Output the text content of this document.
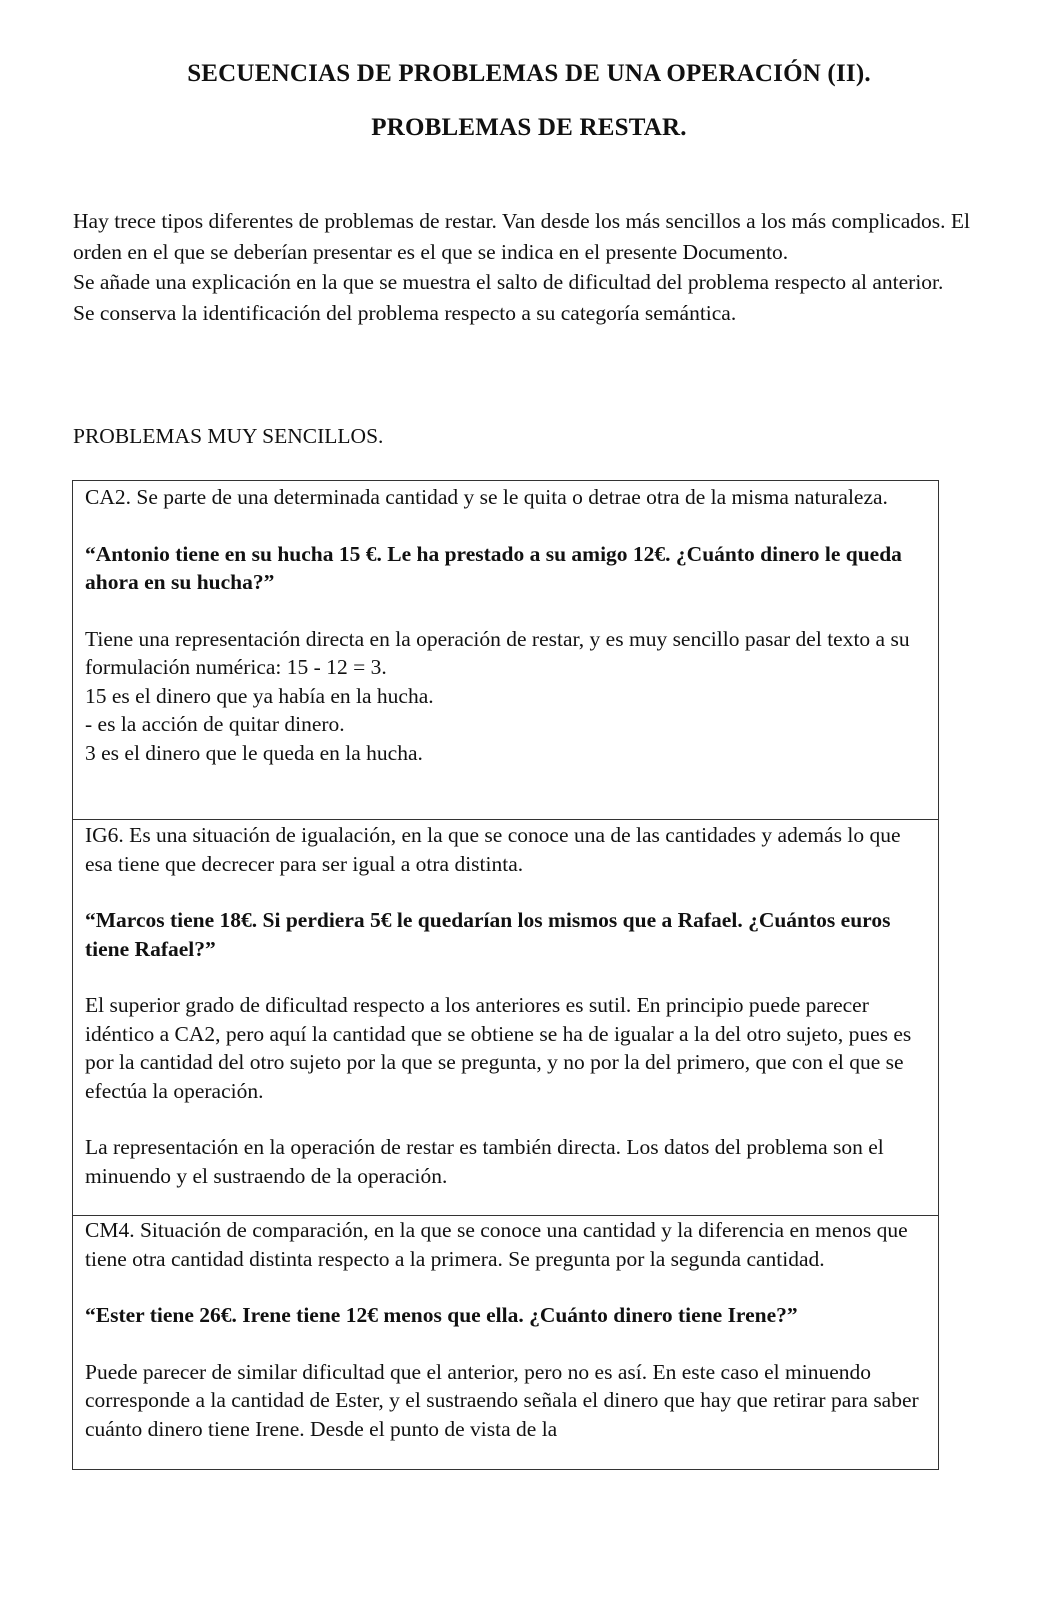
SECUENCIAS DE PROBLEMAS DE UNA OPERACIÓN (II).
PROBLEMAS DE RESTAR.

Hay trece tipos diferentes de problemas de restar. Van desde los más sencillos a los más complicados. El orden en el que se deberían presentar es el que se indica en el presente Documento.

Se añade una explicación en la que se muestra el salto de dificultad del problema respecto al anterior.

Se conserva la identificación del problema respecto a su categoría semántica.

PROBLEMAS MUY SENCILLOS.

CA2. Se parte de una determinada cantidad y se le quita o detrae otra de la misma naturaleza.

“Antonio tiene en su hucha 15 €. Le ha prestado a su amigo 12€. ¿Cuánto dinero le queda ahora en su hucha?”

Tiene una representación directa en la operación de restar, y es muy sencillo pasar del texto a su formulación numérica: 15 - 12 = 3.

15 es el dinero que ya había en la hucha.

- es la acción de quitar dinero.

3 es el dinero que le queda en la hucha.

IG6. Es una situación de igualación, en la que se conoce una de las cantidades y además lo que esa tiene que decrecer para ser igual a otra distinta.

“Marcos tiene 18€. Si perdiera 5€ le quedarían los mismos que a Rafael. ¿Cuántos euros tiene Rafael?”

El superior grado de dificultad respecto a los anteriores es sutil. En principio puede parecer idéntico a CA2, pero aquí la cantidad que se obtiene se ha de igualar a la del otro sujeto, pues es por la cantidad del otro sujeto por la que se pregunta, y no por la del primero, que con el que se efectúa la operación.

La representación en la operación de restar es también directa. Los datos del problema son el minuendo y el sustraendo de la operación.

CM4. Situación de comparación, en la que se conoce una cantidad y la diferencia en menos que tiene otra cantidad distinta respecto a la primera. Se pregunta por la segunda cantidad.

“Ester tiene 26€. Irene tiene 12€ menos que ella. ¿Cuánto dinero tiene Irene?”

Puede parecer de similar dificultad que el anterior, pero no es así. En este caso el minuendo corresponde a la cantidad de Ester, y el sustraendo señala el dinero que hay que retirar para saber cuánto dinero tiene Irene. Desde el punto de vista de la
